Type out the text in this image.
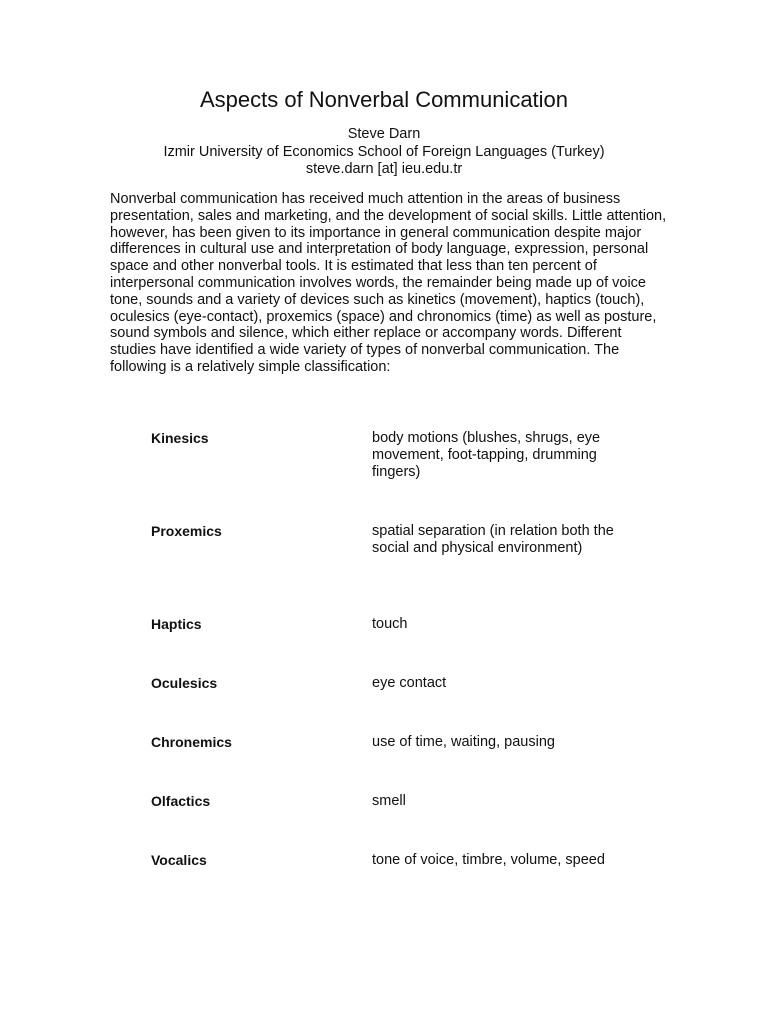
Aspects of Nonverbal Communication
Steve Darn
Izmir University of Economics School of Foreign Languages (Turkey)
steve.darn [at] ieu.edu.tr

Nonverbal communication has received much attention in the areas of business presentation, sales and marketing, and the development of social skills. Little attention, however, has been given to its importance in general communication despite major differences in cultural use and interpretation of body language, expression, personal space and other nonverbal tools. It is estimated that less than ten percent of interpersonal communication involves words, the remainder being made up of voice tone, sounds and a variety of devices such as kinetics (movement), haptics (touch), oculesics (eye-contact), proxemics (space) and chronomics (time) as well as posture, sound symbols and silence, which either replace or accompany words. Different studies have identified a wide variety of types of nonverbal communication. The following is a relatively simple classification:

Kinesics	body motions (blushes, shrugs, eye movement, foot-tapping, drumming fingers)
Proxemics	spatial separation (in relation both the social and physical environment)
Haptics	touch
Oculesics	eye contact
Chronemics	use of time, waiting, pausing
Olfactics	smell
Vocalics	tone of voice, timbre, volume, speed
